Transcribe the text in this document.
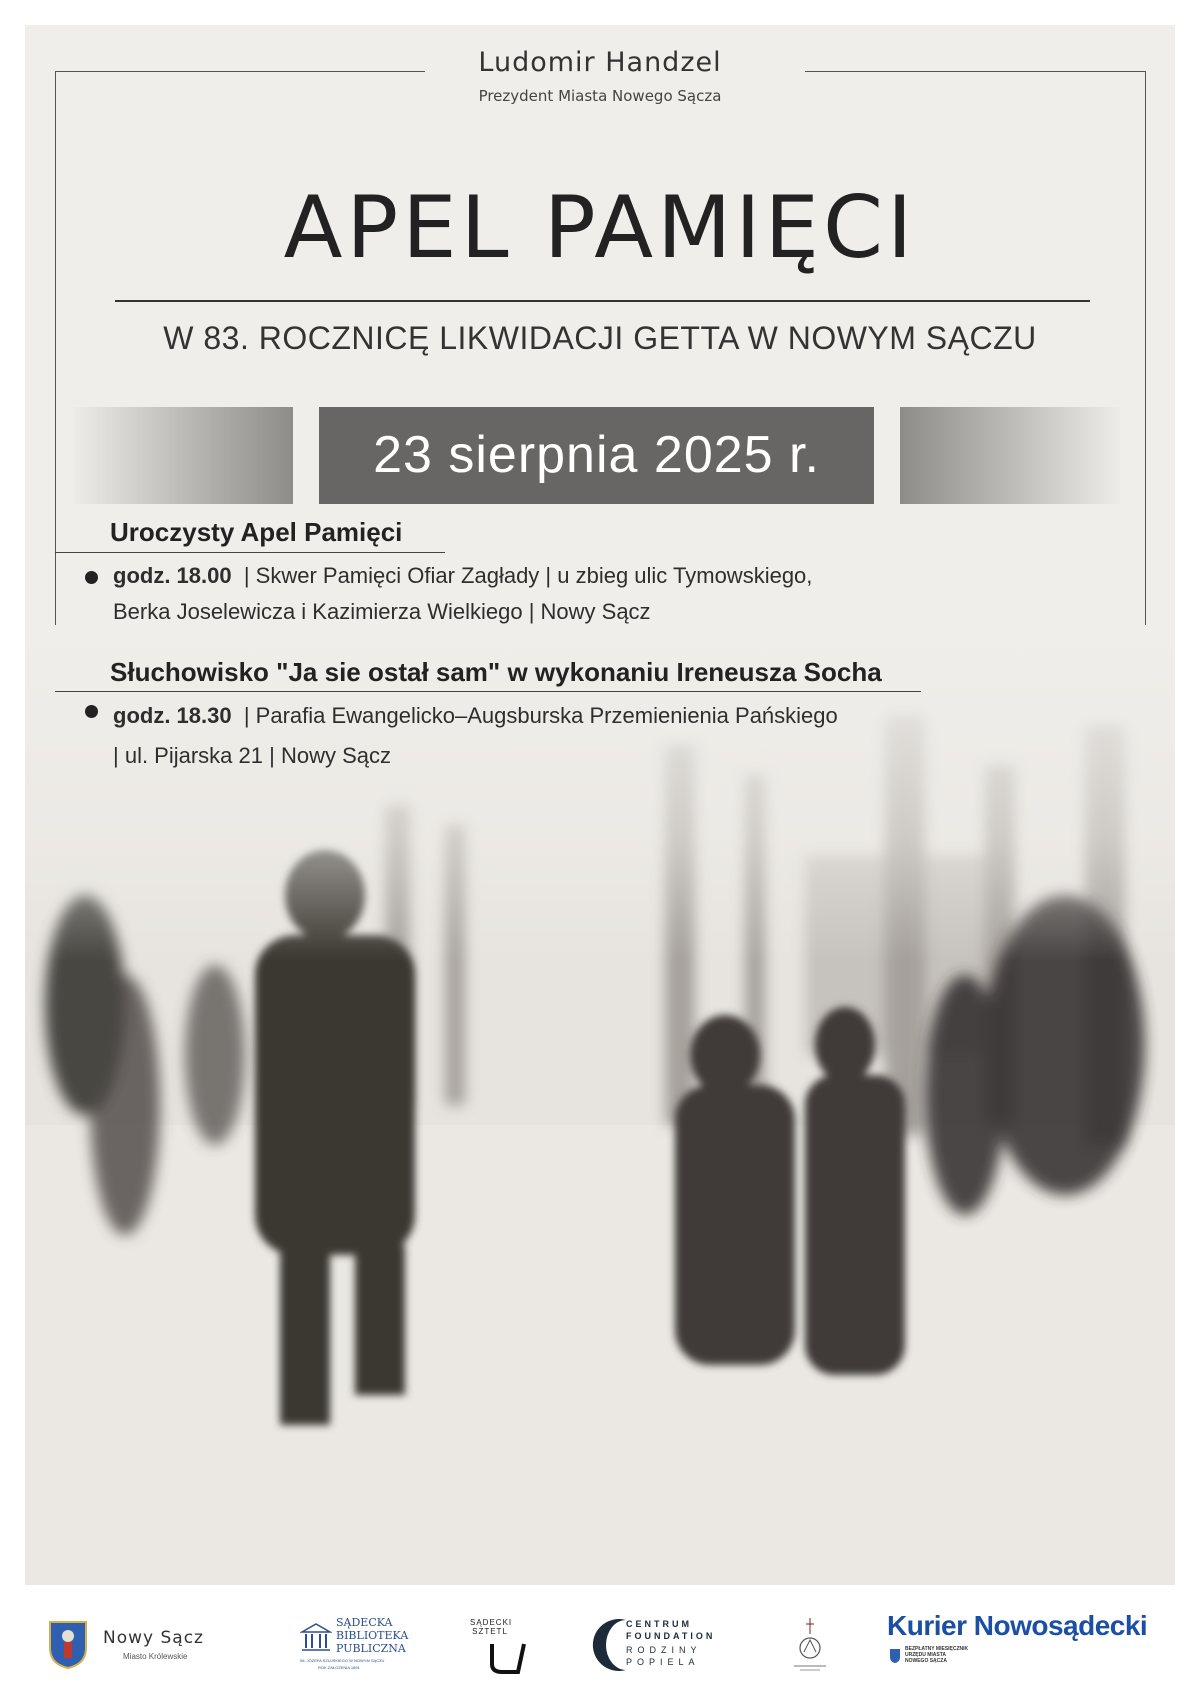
Ludomir Handzel
Prezydent Miasta Nowego Sącza
APEL PAMIĘCI
W 83. ROCZNICĘ LIKWIDACJI GETTA W NOWYM SĄCZU
23 sierpnia 2025 r.
Uroczysty Apel Pamięci
godz. 18.00 | Skwer Pamięci Ofiar Zagłady | u zbieg ulic Tymowskiego,
Berka Joselewicza i Kazimierza Wielkiego | Nowy Sącz
Słuchowisko "Ja sie ostał sam" w wykonaniu Ireneusza Socha
godz. 18.30 | Parafia Ewangelicko–Augsburska Przemienienia Pańskiego
| ul. Pijarska 21 | Nowy Sącz
Nowy Sącz
Miasto Królewskie
SĄDECKA
BIBLIOTEKA
PUBLICZNA
IM. JÓZEFA SZUJSKIEGO W NOWYM SĄCZU
ROK ZAŁOŻENIA 1891
SĄDECKI SZTETL
CENTRUM
FOUNDATION
RODZINY
POPIELA
Kurier Nowosądecki
BEZPŁATNY MIESIĘCZNIK
URZĘDU MIASTA
NOWEGO SĄCZA
